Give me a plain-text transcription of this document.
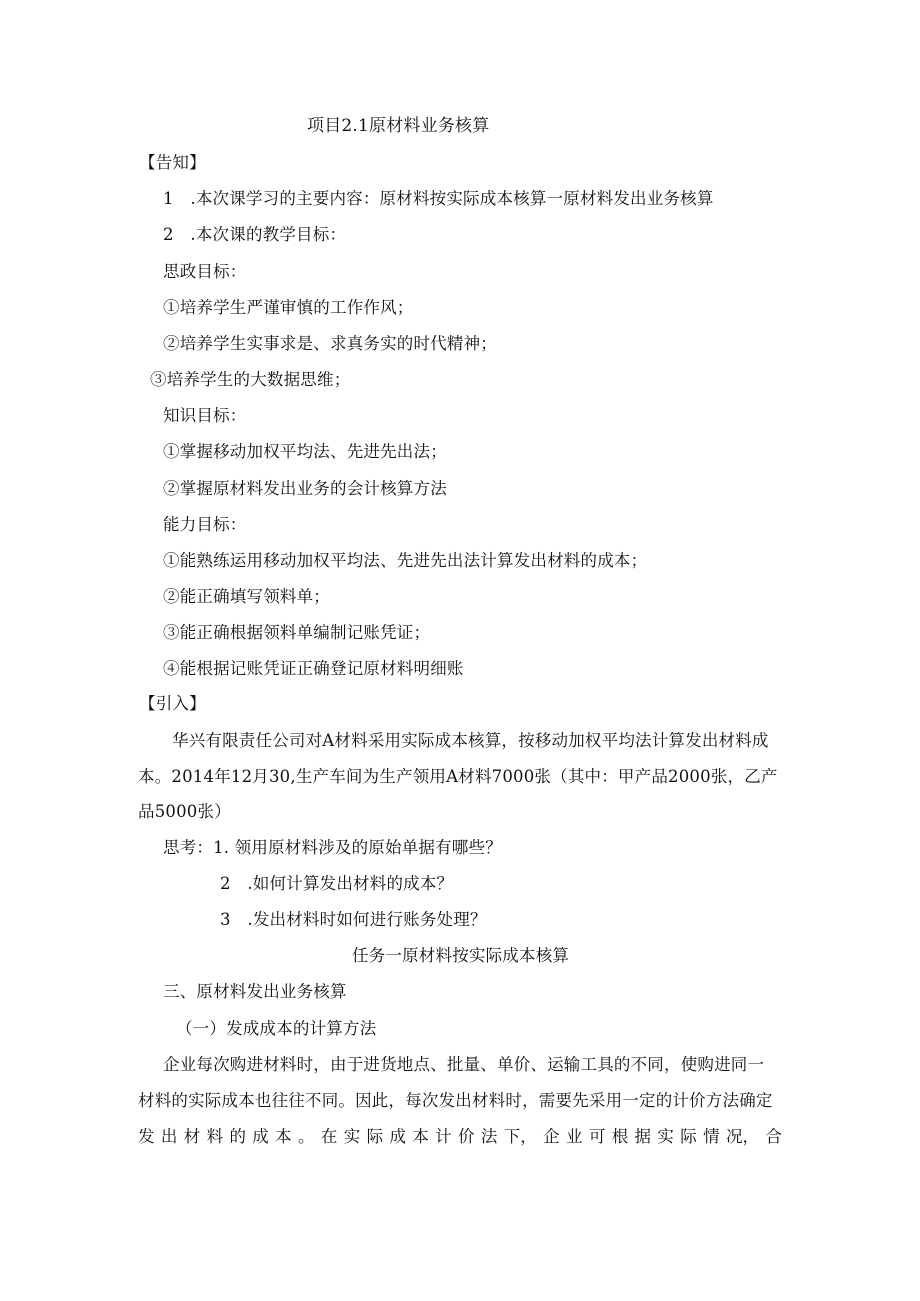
项目2.1原材料业务核算
【告知】
1 .本次课学习的主要内容：原材料按实际成本核算一原材料发出业务核算
2 .本次课的教学目标：
思政目标：
①培养学生严谨审慎的工作作风；
②培养学生实事求是、求真务实的时代精神；
③培养学生的大数据思维；
知识目标：
①掌握移动加权平均法、先进先出法；
②掌握原材料发出业务的会计核算方法
能力目标：
①能熟练运用移动加权平均法、先进先出法计算发出材料的成本；
②能正确填写领料单；
③能正确根据领料单编制记账凭证；
④能根据记账凭证正确登记原材料明细账
【引入】
华兴有限责任公司对A材料采用实际成本核算，按移动加权平均法计算发出材料成
本。2014年12月30,生产车间为生产领用A材料7000张（其中：甲产品2000张，乙产
品5000张）
思考：1. 领用原材料涉及的原始单据有哪些？
2 .如何计算发出材料的成本？
3 .发出材料时如何进行账务处理？
任务一原材料按实际成本核算
三、原材料发出业务核算
（一）发成成本的计算方法
企业每次购进材料时，由于进货地点、批量、单价、运输工具的不同，使购进同一
材料的实际成本也往往不同。因此，每次发出材料时，需要先采用一定的计价方法确定
发 出 材 料 的 成 本 。 在 实 际 成 本 计 价 法 下， 企 业 可 根 据 实 际 情 况， 合
